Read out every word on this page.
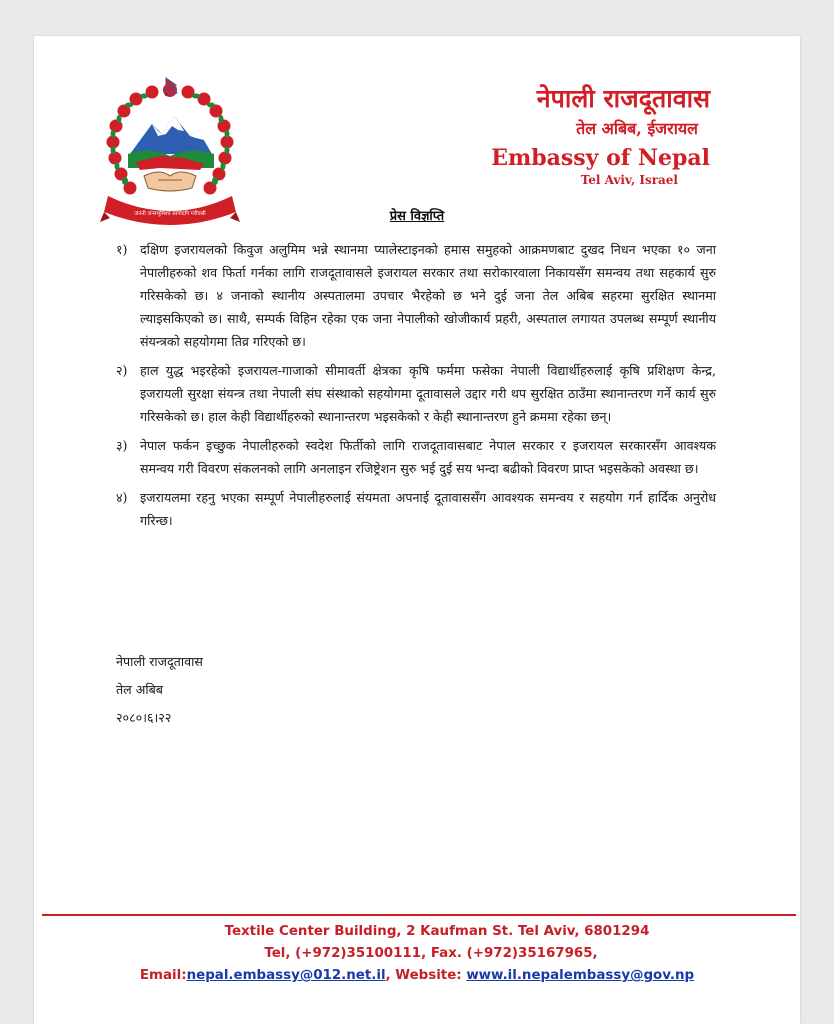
जननी जन्मभूमिश्च स्वर्गादपि गरीयसी
नेपाली राजदूतावास
तेल अबिब, ईजरायल
Embassy of Nepal
Tel Aviv, Israel
प्रेस विज्ञप्ति
१) दक्षिण इजरायलको किवुज अलुमिम भन्ने स्थानमा प्यालेस्टाइनको हमास समुहको आक्रमणबाट दुखद निधन भएका १० जना नेपालीहरुको शव फिर्ता गर्नका लागि राजदूतावासले इजरायल सरकार तथा सरोकारवाला निकायसँग समन्वय तथा सहकार्य सुरु गरिसकेको छ। ४ जनाको स्थानीय अस्पतालमा उपचार भैरहेको छ भने दुई जना तेल अबिब सहरमा सुरक्षित स्थानमा ल्याइसकिएको छ। साथै, सम्पर्क विहिन रहेका एक जना नेपालीको खोजीकार्य प्रहरी, अस्पताल लगायत उपलब्ध सम्पूर्ण स्थानीय संयन्त्रको सहयोगमा तिव्र गरिएको छ।
२) हाल युद्ध भइरहेको इजरायल-गाजाको सीमावर्ती क्षेत्रका कृषि फर्ममा फसेका नेपाली विद्यार्थीहरुलाई कृषि प्रशिक्षण केन्द्र, इजरायली सुरक्षा संयन्त्र तथा नेपाली संघ संस्थाको सहयोगमा दूतावासले उद्दार गरी थप सुरक्षित ठाउँमा स्थानान्तरण गर्ने कार्य सुरु गरिसकेको छ। हाल केही विद्यार्थीहरुको स्थानान्तरण भइसकेको र केही स्थानान्तरण हुने क्रममा रहेका छन्।
३) नेपाल फर्कन इच्छुक नेपालीहरुको स्वदेश फिर्तीको लागि राजदूतावासबाट नेपाल सरकार र इजरायल सरकारसँग आवश्यक समन्वय गरी विवरण संकलनको लागि अनलाइन रजिष्ट्रेशन सुरु भई दुई सय भन्दा बढीको विवरण प्राप्त भइसकेको अवस्था छ।
४) इजरायलमा रहनु भएका सम्पूर्ण नेपालीहरुलाई संयमता अपनाई दूतावाससँग आवश्यक समन्वय र सहयोग गर्न हार्दिक अनुरोध गरिन्छ।
नेपाली राजदूतावास
तेल अबिब
२०८०।६।२२
Textile Center Building, 2 Kaufman St. Tel Aviv, 6801294
Tel, (+972)35100111, Fax. (+972)35167965,
Email:nepal.embassy@012.net.il, Website: www.il.nepalembassy@gov.np
